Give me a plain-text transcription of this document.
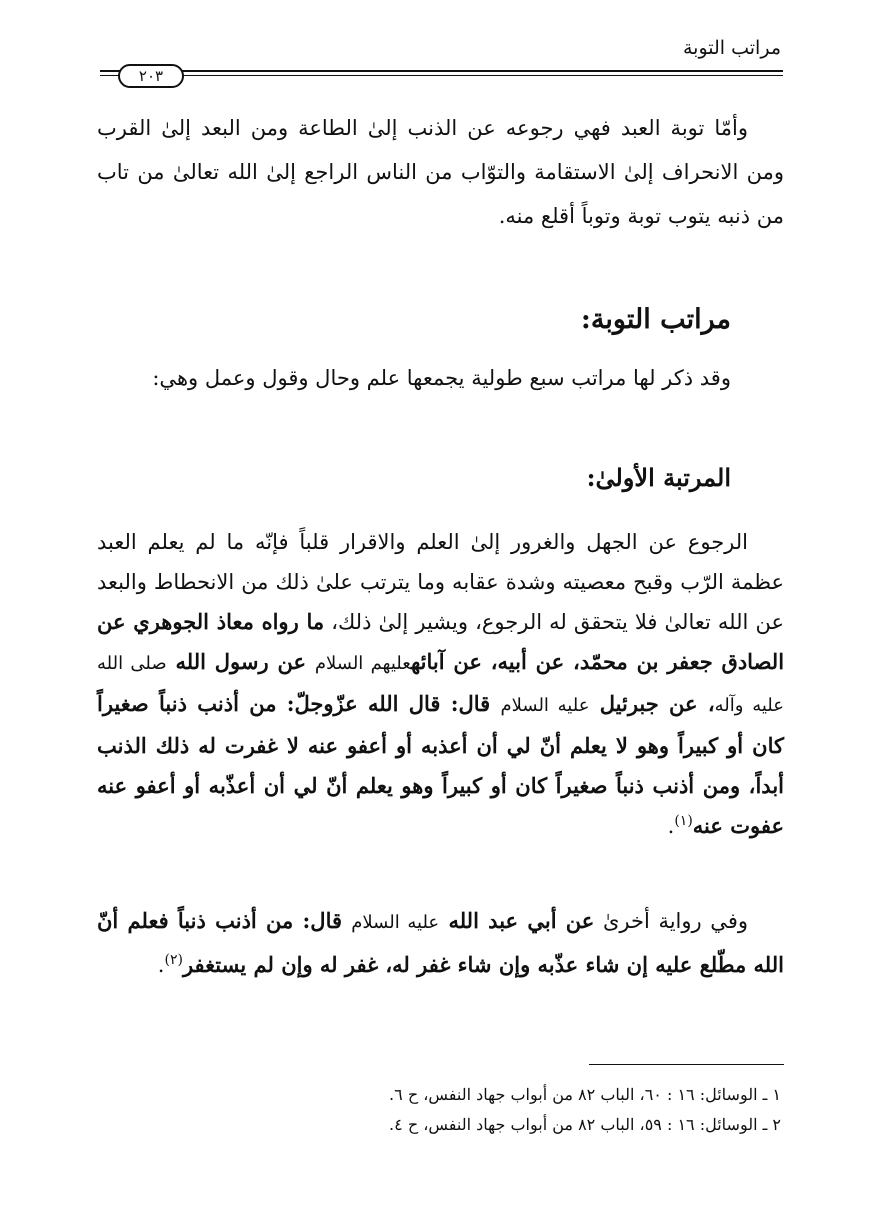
مراتب التوبة
٢٠٣

وأمّا توبة العبد فهي رجوعه عن الذنب إلىٰ الطاعة ومن البعد إلىٰ القرب ومن الانحراف إلىٰ الاستقامة والتوّاب من الناس الراجع إلىٰ الله تعالىٰ من تاب من ذنبه يتوب توبة وتوباً أقلع منه.

مراتب التوبة:

وقد ذكر لها مراتب سبع طولية يجمعها علم وحال وقول وعمل وهي:

المرتبة الأولىٰ:

الرجوع عن الجهل والغرور إلىٰ العلم والاقرار قلباً فإنّه ما لم يعلم العبد عظمة الرّب وقبح معصيته وشدة عقابه وما يترتب علىٰ ذلك من الانحطاط والبعد عن الله تعالىٰ فلا يتحقق له الرجوع، ويشير إلىٰ ذلك، ما رواه معاذ الجوهري عن الصادق جعفر بن محمّد، عن أبيه، عن آبائهعليهم السلام عن رسول الله صلى الله عليه وآله، عن جبرئيل عليه السلام قال: قال الله عزّوجلّ: من أذنب ذنباً صغيراً كان أو كبيراً وهو لا يعلم أنّ لي أن أعذبه أو أعفو عنه لا غفرت له ذلك الذنب أبداً، ومن أذنب ذنباً صغيراً كان أو كبيراً وهو يعلم أنّ لي أن أعذّبه أو أعفو عنه عفوت عنه$^{(١)}$.

وفي رواية أخرىٰ عن أبي عبد الله عليه السلام قال: من أذنب ذنباً فعلم أنّ الله مطّلع عليه إن شاء عذّبه وإن شاء غفر له، غفر له وإن لم يستغفر$^{(٢)}$.

١ ـ الوسائل: ١٦ : ٦٠، الباب ٨٢ من أبواب جهاد النفس، ح ٦.
٢ ـ الوسائل: ١٦ : ٥٩، الباب ٨٢ من أبواب جهاد النفس، ح ٤.
